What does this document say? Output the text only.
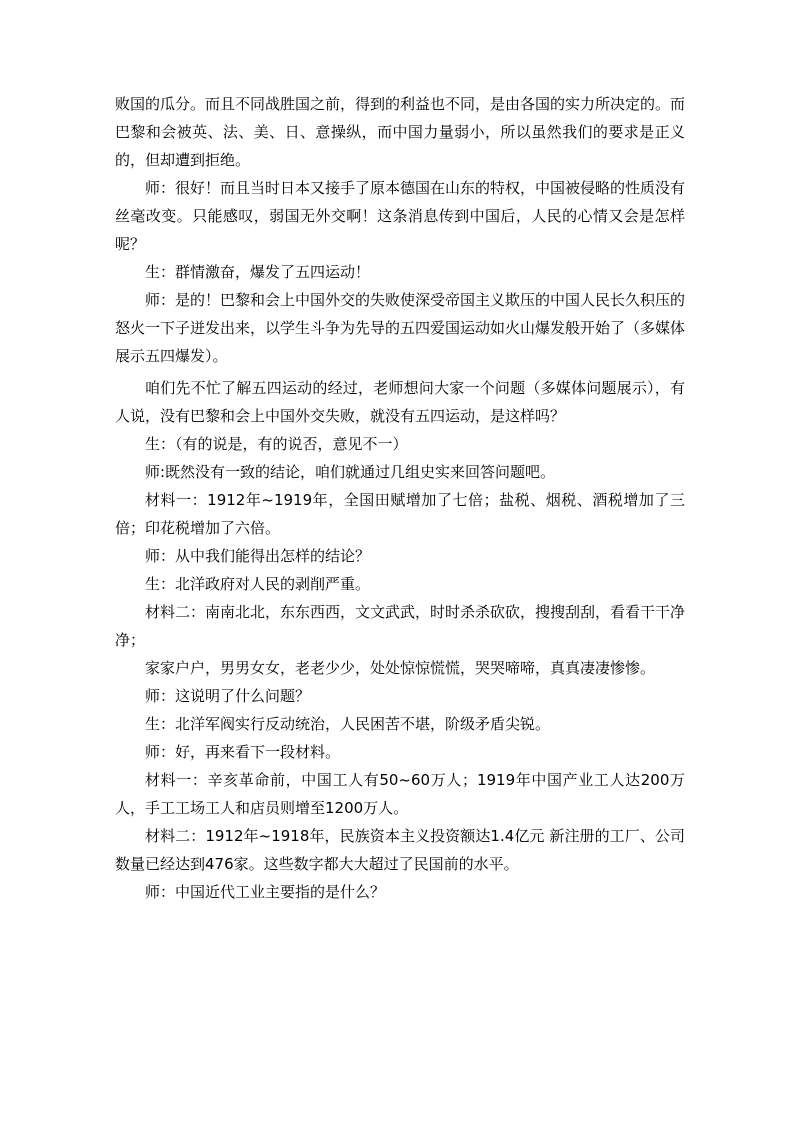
败国的瓜分。而且不同战胜国之前，得到的利益也不同，是由各国的实力所决定的。而巴黎和会被英、法、美、日、意操纵，而中国力量弱小，所以虽然我们的要求是正义的，但却遭到拒绝。

师：很好！而且当时日本又接手了原本德国在山东的特权，中国被侵略的性质没有丝毫改变。只能感叹，弱国无外交啊！这条消息传到中国后，人民的心情又会是怎样呢？

生：群情激奋，爆发了五四运动！

师：是的！巴黎和会上中国外交的失败使深受帝国主义欺压的中国人民长久积压的怒火一下子迸发出来，以学生斗争为先导的五四爱国运动如火山爆发般开始了（多媒体展示五四爆发）。

咱们先不忙了解五四运动的经过，老师想问大家一个问题（多媒体问题展示），有人说，没有巴黎和会上中国外交失败，就没有五四运动，是这样吗？

生：（有的说是，有的说否，意见不一）

师:既然没有一致的结论，咱们就通过几组史实来回答问题吧。

材料一：1912年~1919年，全国田赋增加了七倍；盐税、烟税、酒税增加了三倍；印花税增加了六倍。

师：从中我们能得出怎样的结论？

生：北洋政府对人民的剥削严重。

材料二：南南北北，东东西西，文文武武，时时杀杀砍砍，搜搜刮刮，看看干干净净；

家家户户，男男女女，老老少少，处处惊惊慌慌，哭哭啼啼，真真凄凄惨惨。

师：这说明了什么问题？

生：北洋军阀实行反动统治，人民困苦不堪，阶级矛盾尖锐。

师：好，再来看下一段材料。

材料一：辛亥革命前，中国工人有50~60万人；1919年中国产业工人达200万人，手工工场工人和店员则增至1200万人。

材料二：1912年~1918年，民族资本主义投资额达1.4亿元 新注册的工厂、公司数量已经达到476家。这些数字都大大超过了民国前的水平。

师：中国近代工业主要指的是什么？
